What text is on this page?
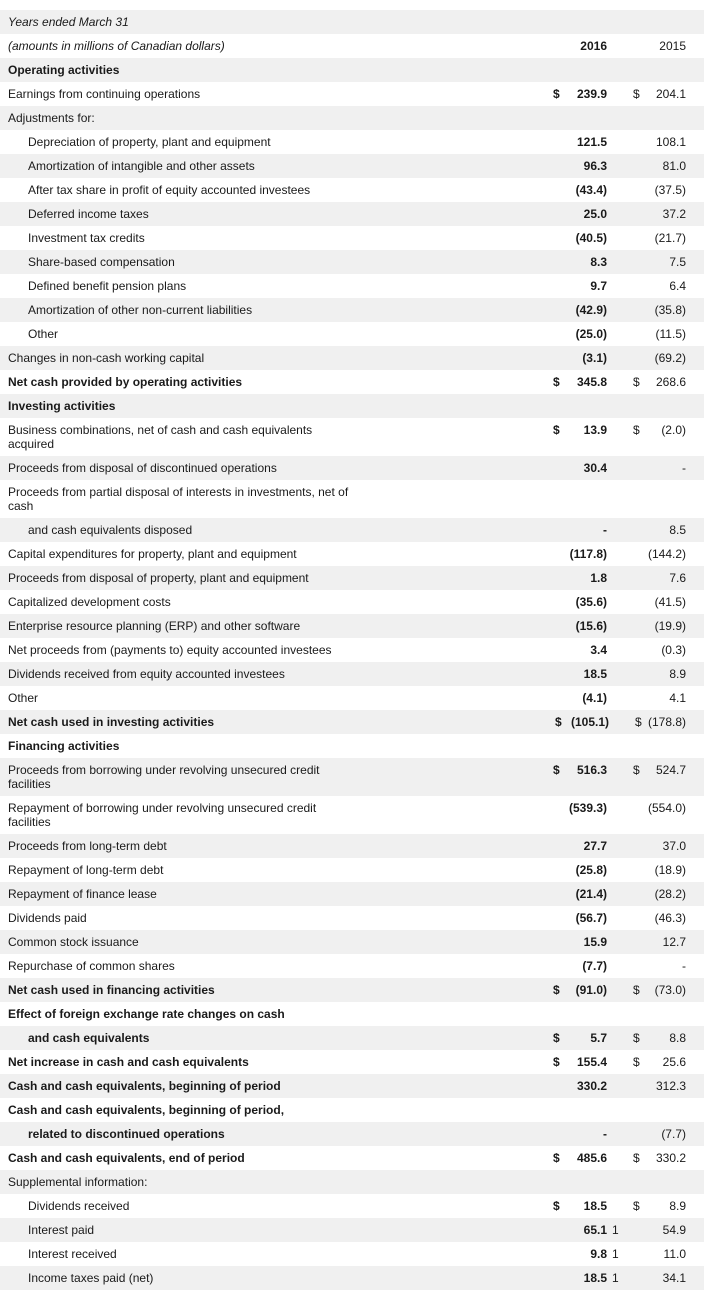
Years ended March 31
(amounts in millions of Canadian dollars)	2016	2015
Operating activities
Earnings from continuing operations	$ 239.9 $ 204.1
Adjustments for:
Depreciation of property, plant and equipment	121.5	108.1
Amortization of intangible and other assets	96.3	81.0
After tax share in profit of equity accounted investees	(43.4)	(37.5)
Deferred income taxes	25.0	37.2
Investment tax credits	(40.5)	(21.7)
Share-based compensation	8.3	7.5
Defined benefit pension plans	9.7	6.4
Amortization of other non-current liabilities	(42.9)	(35.8)
Other	(25.0)	(11.5)
Changes in non-cash working capital	(3.1)	(69.2)
Net cash provided by operating activities	$ 345.8 $ 268.6
Investing activities
Business combinations, net of cash and cash equivalents acquired
$ 13.9 $ (2.0)
Proceeds from disposal of discontinued operations	30.4	-
Proceeds from partial disposal of interests in investments, net of cash
and cash equivalents disposed	-	8.5
Capital expenditures for property, plant and equipment	(117.8)	(144.2)
Proceeds from disposal of property, plant and equipment	1.8	7.6
Capitalized development costs	(35.6)	(41.5)
Enterprise resource planning (ERP) and other software	(15.6)	(19.9)
Net proceeds from (payments to) equity accounted investees	3.4	(0.3)
Dividends received from equity accounted investees	18.5	8.9
Other	(4.1)	4.1
Net cash used in investing activities	$ (105.1) $ (178.8)
Financing activities
Proceeds from borrowing under revolving unsecured credit facilities
$ 516.3 $ 524.7
Repayment of borrowing under revolving unsecured credit facilities
(539.3)	(554.0)
Proceeds from long-term debt	27.7	37.0
Repayment of long-term debt	(25.8)	(18.9)
Repayment of finance lease	(21.4)	(28.2)
Dividends paid	(56.7)	(46.3)
Common stock issuance	15.9	12.7
Repurchase of common shares	(7.7)	-
Net cash used in financing activities	$ (91.0) $ (73.0)
Effect of foreign exchange rate changes on cash
and cash equivalents	$	5.7 $ 8.8
Net increase in cash and cash equivalents	$ 155.4 $ 25.6
Cash and cash equivalents, beginning of period	330.2	312.3
Cash and cash equivalents, beginning of period,
related to discontinued operations	-	(7.7)
Cash and cash equivalents, end of period	$ 485.6 $ 330.2
Supplemental information:
Dividends received	$ 18.5 $ 8.9
Interest paid	65.1 1	54.9
Interest received	9.8 1	11.0
Income taxes paid (net)	18.5 1	34.1
